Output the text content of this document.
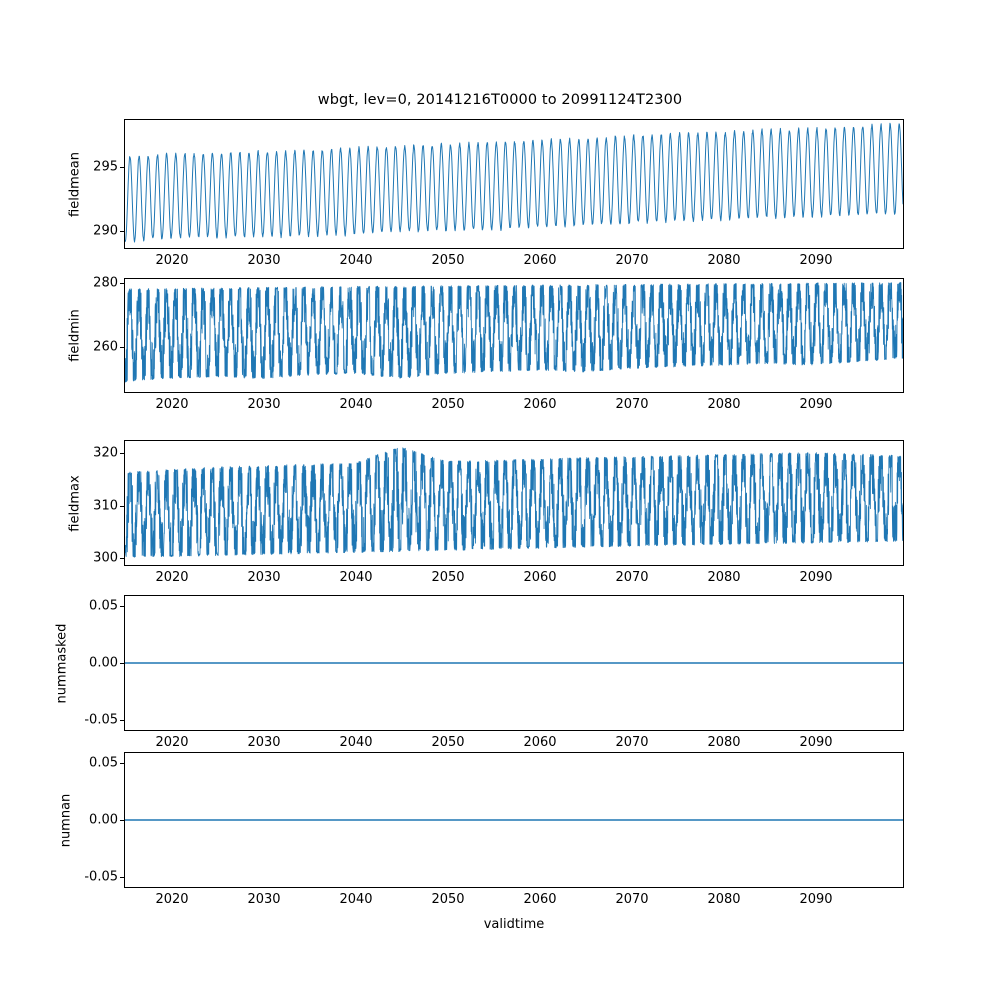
wbgt, lev=0, 20141216T0000 to 20991124T2300
fieldmean
290
295
2020	2030	2040	2050	2060	2070	2080	2090
fieldmin 260
280
2020	2030	2040	2050	2060	2070	2080	2090
fieldmax
300
310
320
2020	2030	2040	2050	2060	2070	2080	2090
nummasked
0.05
0.00
-0.05
2020	2030	2040	2050	2060	2070	2080	2090
numnan
0.05
0.00
-0.05
2020	2030	2040	2050	2060	2070	2080	2090
validtime
